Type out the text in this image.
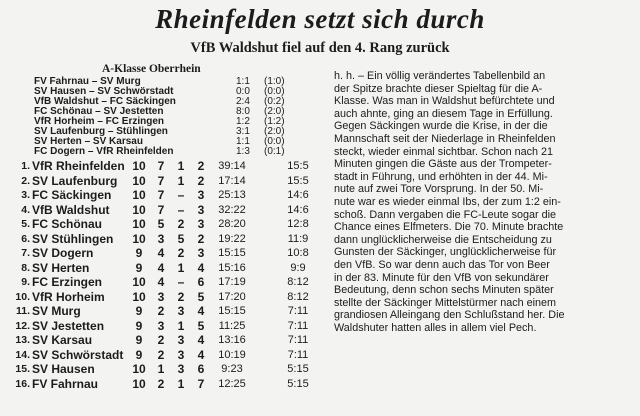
Rheinfelden setzt sich durch
VfB Waldshut fiel auf den 4. Rang zurück
A-Klasse Oberrhein
FV Fahrnau – SV Murg	1:1 (1:0)
SV Hausen – SV Schwörstadt	0:0 (0:0)
VfB Waldshut – FC Säckingen	2:4 (0:2)
FC Schönau – SV Jestetten	8:0 (2:0)
VfR Horheim – FC Erzingen	1:2 (1:2)
SV Laufenburg – Stühlingen	3:1 (2:0)
SV Herten – SV Karsau	1:1 (0:0)
FC Dogern – VfR Rheinfelden	1:3 (0:1)
1. VfR Rheinfelden 10 7	1	2	39:14	15:5
2. SV Laufenburg 10 7	1	2	17:14	15:5
3. FC Säckingen 10 7	–	3	25:13	14:6
4. VfB Waldshut 10 7	–	3	32:22	14:6
5. FC Schönau	10 5	2	3	28:20	12:8
6. SV Stühlingen 10 3	5	2	19:22	11:9
7. SV Dogern	9	4	2	3	15:15	10:8
8. SV Herten	9	4	1	4	15:16	9:9
9. FC Erzingen	10 4	–	6	17:19	8:12
10. VfR Horheim 10 3	2	5	17:20	8:12
11. SV Murg	9	2	3	4	15:15	7:11
12. SV Jestetten	9	3	1	5	11:25	7:11
13. SV Karsau	9	2	3	4	13:16	7:11
14. SV Schwörstadt	9	2	3	4	10:19	7:11
15. SV Hausen	10 1	3	6	9:23	5:15
16. FV Fahrnau	10 2	1	7	12:25	5:15
h. h. – Ein völlig verändertes Tabellenbild an
der Spitze brachte dieser Spieltag für die A-
Klasse. Was man in Waldshut befürchtete und
auch ahnte, ging an diesem Tage in Erfüllung.
Gegen Säckingen wurde die Krise, in der die
Mannschaft seit der Niederlage in Rheinfelden
steckt, wieder einmal sichtbar. Schon nach 21
Minuten gingen die Gäste aus der Trompeter-
stadt in Führung, und erhöhten in der 44. Mi-
nute auf zwei Tore Vorsprung. In der 50. Mi-
nute war es wieder einmal Ibs, der zum 1:2 ein-
schoß. Dann vergaben die FC-Leute sogar die
Chance eines Elfmeters. Die 70. Minute brachte
dann unglücklicherweise die Entscheidung zu
Gunsten der Säckinger, unglücklicherweise für
den VfB. So war denn auch das Tor von Beer
in der 83. Minute für den VfB von sekundärer
Bedeutung, denn schon sechs Minuten später
stellte der Säckinger Mittelstürmer nach einem
grandiosen Alleingang den Schlußstand her. Die
Waldshuter hatten alles in allem viel Pech.
